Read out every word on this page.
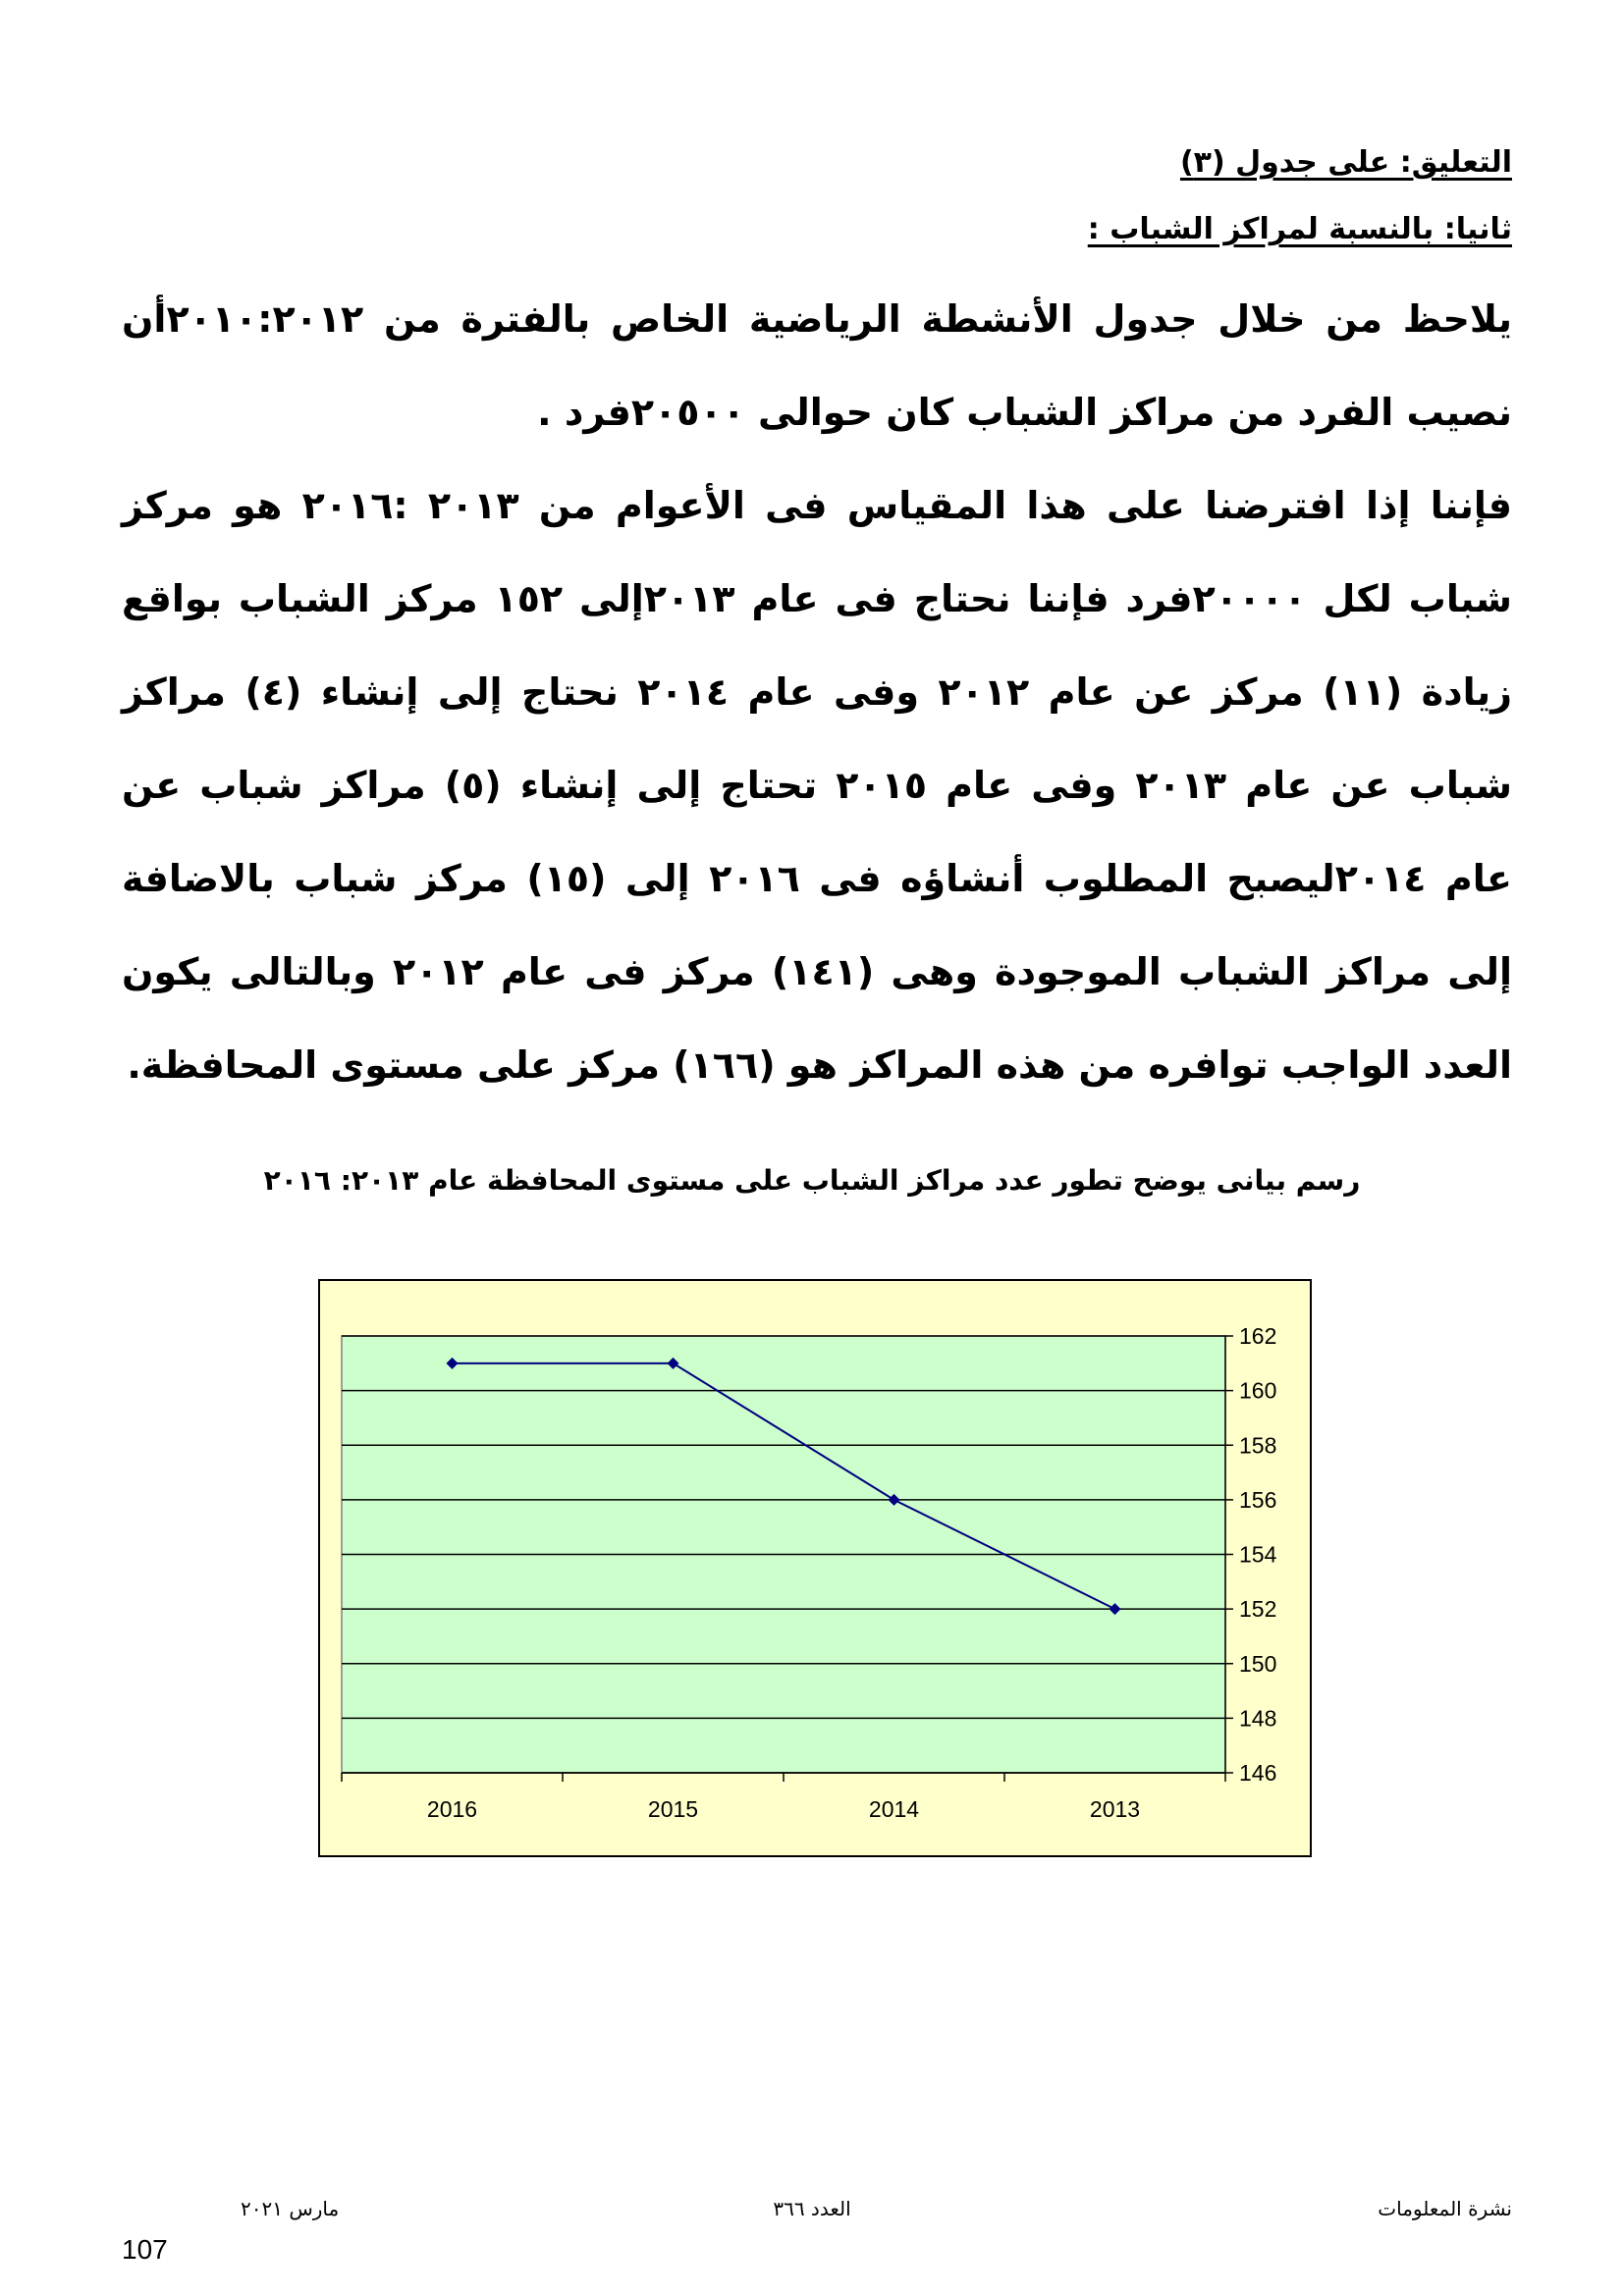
التعليق: على جدول (٣)
ثانيا: بالنسبة لمراكز الشباب :

يلاحظ من خلال جدول الأنشطة الرياضية الخاص بالفترة من ٢٠١٠:٢٠١٢أن نصيب الفرد من مراكز الشباب كان حوالى ٢٠٥٠٠فرد .

فإننا إذا افترضنا على هذا المقياس فى الأعوام من ٢٠١٣ :٢٠١٦ هو مركز شباب لكل ٢٠٠٠٠فرد فإننا نحتاج فى عام ٢٠١٣إلى ١٥٢ مركز الشباب بواقع زيادة (١١) مركز عن عام ٢٠١٢ وفى عام ٢٠١٤ نحتاج إلى إنشاء (٤) مراكز شباب عن عام ٢٠١٣ وفى عام ٢٠١٥ تحتاج إلى إنشاء (٥) مراكز شباب عن عام ٢٠١٤ليصبح المطلوب أنشاؤه فى ٢٠١٦ إلى (١٥) مركز شباب بالاضافة إلى مراكز الشباب الموجودة وهى (١٤١) مركز فى عام ٢٠١٢ وبالتالى يكون العدد الواجب توافره من هذه المراكز هو (١٦٦) مركز على مستوى المحافظة.

رسم بيانى يوضح تطور عدد مراكز الشباب على مستوى المحافظة عام ٢٠١٣: ٢٠١٦
146
148
150
152
154
156
158
160
162
2016	2015	2014	2013
نشرة المعلومات
العدد ٣٦٦
مارس ٢٠٢١
107
